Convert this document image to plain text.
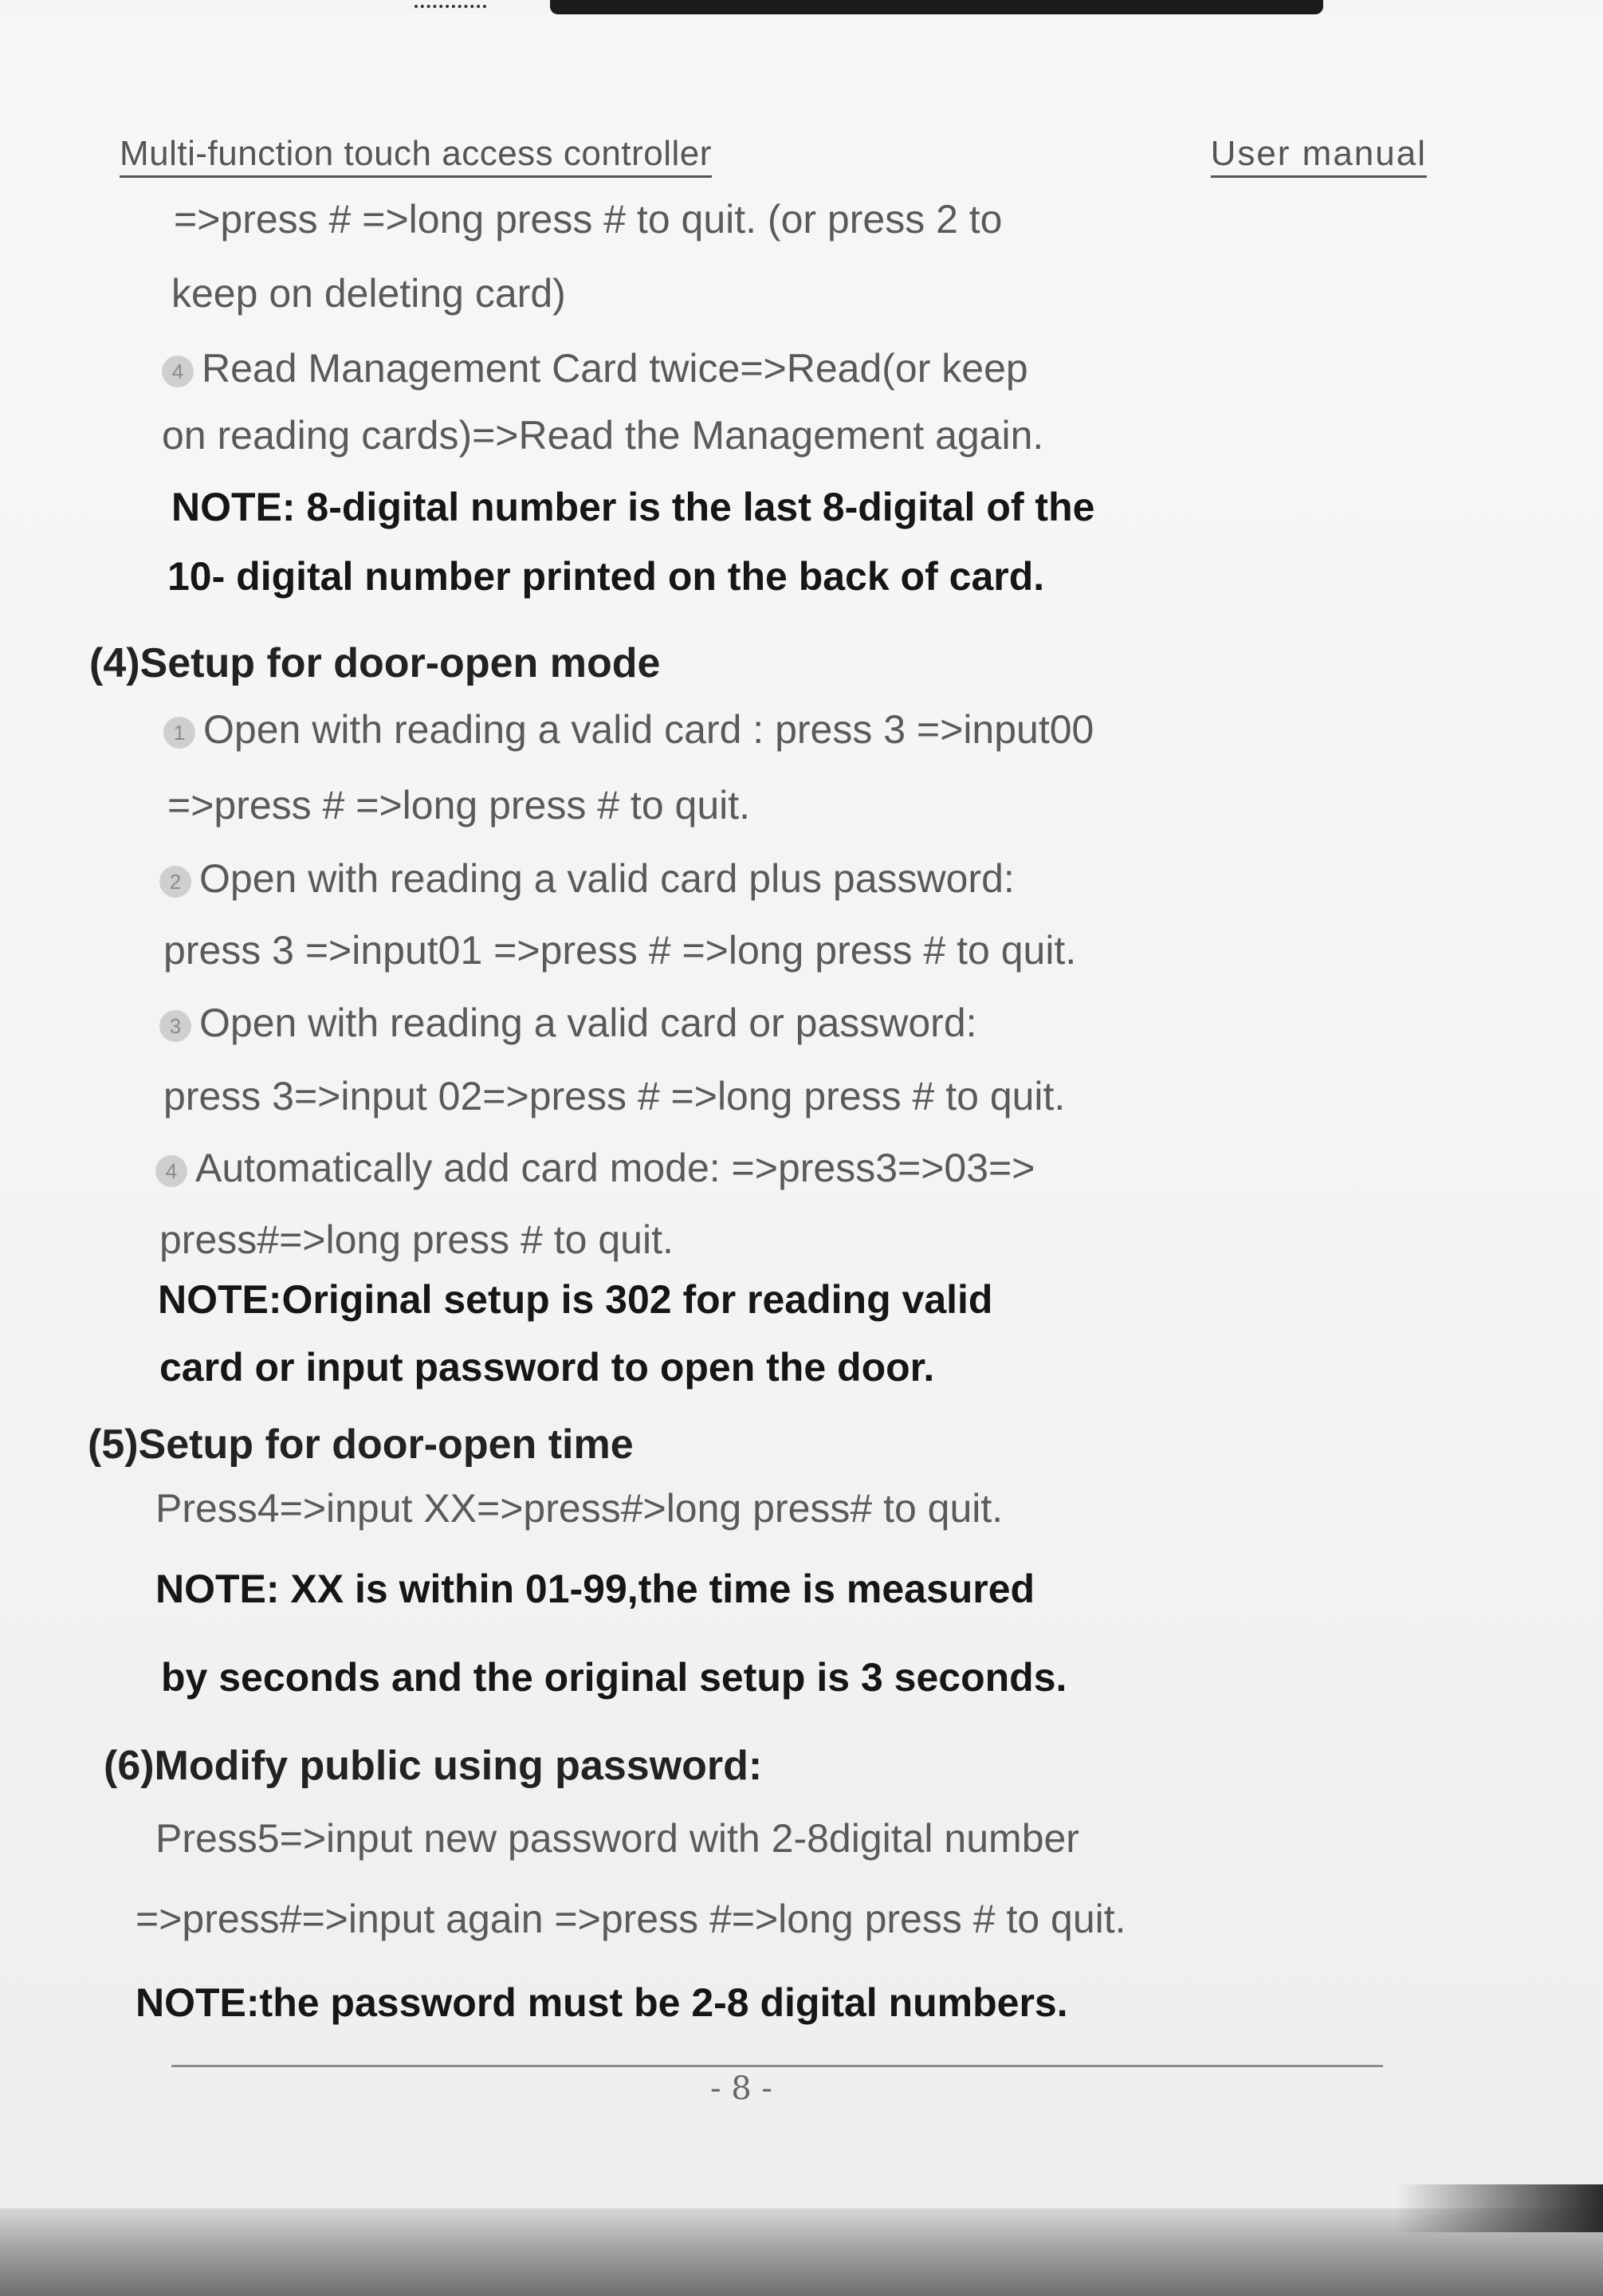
Multi-function touch access controller	User manual
=>press # =>long press # to quit. (or press 2 to
keep on deleting card)
4 Read Management Card twice=>Read(or keep
on reading cards)=>Read the Management again.
NOTE: 8-digital number is the last 8-digital of the
10- digital number printed on the back of card.
(4)Setup for door-open mode
1 Open with reading a valid card : press 3 =>input00
=>press # =>long press # to quit.
2 Open with reading a valid card plus password:
press 3 =>input01 =>press # =>long press # to quit.
3 Open with reading a valid card or password:
press 3=>input 02=>press # =>long press # to quit.
4 Automatically add card mode: =>press3=>03=>
press#=>long press # to quit.
NOTE:Original setup is 302 for reading valid
card or input password to open the door.
(5)Setup for door-open time
Press4=>input XX=>press#>long press# to quit.
NOTE: XX is within 01-99,the time is measured
by seconds and the original setup is 3 seconds.
(6)Modify public using password:
Press5=>input new password with 2-8digital number
=>press#=>input again =>press #=>long press # to quit.
NOTE:the password must be 2-8 digital numbers.
- 8 -
